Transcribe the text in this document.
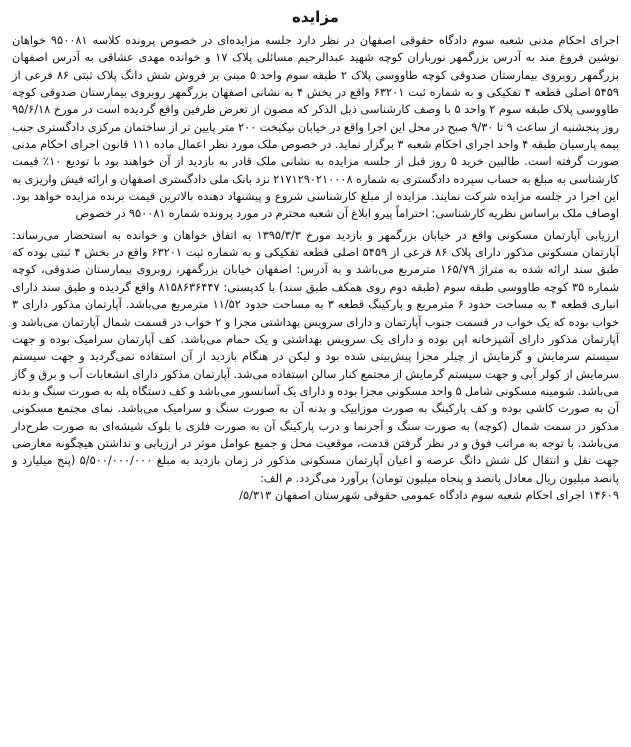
مزایده

اجرای احکام مدنی شعبه سوم دادگاه حقوقی اصفهان در نظر دارد جلسه مزایده‌ای در خصوص پرونده کلاسه ۹۵۰۰۸۱ خواهان نوشین فروغ مند به آدرس بزرگمهر نورباران کوچه شهید عبدالرحیم مسائلی پلاک ۱۷ و خوانده مهدی عشاقی به آدرس اصفهان بزرگمهر روبروی بیمارستان صدوقی کوچه طاووسی پلاک ۲ طبقه سوم واحد ۵ مبنی بر فروش شش دانگ پلاک ثبتی ۸۶ فرعی از ۵۴۵۹ اصلی قطعه ۴ تفکیکی و به شماره ثبت ۶۳۲۰۱ واقع در بخش ۴ به نشانی اصفهان بزرگمهر روبروی بیمارستان صدوقی کوچه طاووسی پلاک طبقه سوم ۲ واحد ۵ با وصف کارشناسی ذیل الذکر که مصون از تعرض طرفین واقع گردیده است در مورخ ۹۵/۶/۱۸ روز پنجشنبه از ساعت ۹ تا ۹/۳۰ صبح در محل این اجرا واقع در خیابان نیکبخت ۲۰۰ متر پایین تر از ساختمان مرکزی دادگستری جنب بیمه پارسیان طبقه ۴ واحد اجرای احکام شعبه ۳ برگزار نماید. در خصوص ملک مورد نظر اعمال ماده ۱۱۱ قانون اجرای احکام مدنی صورت گرفته است. طالبین خرید ۵ روز قبل از جلسه مزایده به نشانی ملک قادر به بازدید از آن خواهند بود با تودیع ۱۰٪ قیمت کارشناسی به مبلغ به حساب سپرده دادگستری به شماره ۲۱۷۱۲۹۰۲۱۰۰۰۸ نزد بانک ملی دادگستری اصفهان و ارائه فیش واریزی به این اجرا در جلسه مزایده شرکت نمایند. مزایده از مبلغ کارشناسی شروع و پیشنهاد دهنده بالاترین قیمت برنده مزایده خواهد بود. اوصاف ملک براساس نظریه کارشناسی: احتراماً پیرو ابلاغ آن شعبه محترم در مورد پرونده شماره ۹۵۰۰۸۱ در خصوص

ارزیابی آپارتمان مسکونی واقع در خیابان بزرگمهر و بازدید مورخ ۱۳۹۵/۳/۳ به اتفاق خواهان و خوانده به استحضار می‌رساند: آپارتمان مسکونی مذکور دارای پلاک ۸۶ فرعی از ۵۴۵۹ اصلی قطعه تفکیکی و به شماره ثبت ۶۳۲۰۱ واقع در بخش ۴ ثبتی بوده که طبق سند ارائه شده به متراژ ۱۶۵/۷۹ مترمربع می‌باشد و به آدرس: اصفهان خیابان بزرگمهر، روبروی بیمارستان صدوقی، کوچه شماره ۳۵ کوچه طاووسی طبقه سوم (طبقه دوم روی همکف طبق سند) با کدپستی: ۸۱۵۸۶۳۶۴۴۷ واقع گردیده و طبق سند دارای انباری قطعه ۴ به مساحت حدود ۶ مترمربع و پارکینگ قطعه ۳ به مساحت حدود ۱۱/۵۲ مترمربع می‌باشد. آپارتمان مذکور دارای ۳ خواب بوده که یک خواب در قسمت جنوب آپارتمان و دارای سرویس بهداشتی مجزا و ۲ خواب در قسمت شمال آپارتمان می‌باشد و آپارتمان مذکور دارای آشپزخانه اپن بوده و دارای یک سرویس بهداشتی و یک حمام می‌باشد. کف آپارتمان سرامیک بوده و جهت سیستم سرمایش و گرمایش از چیلر مجزا پیش‌بینی شده بود و لیکن در هنگام بازدید از آن استفاده نمی‌گردید و جهت سیستم سرمایش از کولر آبی و جهت سیستم گرمایش از مجتمع کنار سالن استفاده می‌شد. آپارتمان مذکور دارای انشعابات آب و برق و گاز می‌باشد. شومینه مسکونی شامل ۵ واحد مسکونی مجزا بوده و دارای یک آسانسور می‌باشد و کف دستگاه پله به صورت سنگ و بدنه آن به صورت کاشی بوده و کف پارکینگ به صورت موزاییک و بدنه آن به صورت سنگ و سرامیک می‌باشد. نمای مجتمع مسکونی مذکور در سمت شمال (کوچه) به صورت سنگ و آجرنما و درب پارکینگ آن به صورت فلزی با بلوک شیشه‌ای به صورت طرح‌دار می‌باشد. با توجه به مراتب فوق و در نظر گرفتن قدمت، موقعیت محل و جمیع عوامل موثر در ارزیابی و نداشتن هیچگونه معارضی جهت نقل و انتقال کل شش دانگ عرصه و اعیان آپارتمان مسکونی مذکور در زمان بازدید به مبلغ ۵/۵۰۰/۰۰۰/۰۰۰ (پنج میلیارد و پانصد میلیون ریال معادل پانصد و پنجاه میلیون تومان) برآورد می‌گردد. م الف:

۱۴۶۰۹ اجرای احکام شعبه سوم دادگاه عمومی حقوقی شهرستان اصفهان ۵/۳۱۳/
